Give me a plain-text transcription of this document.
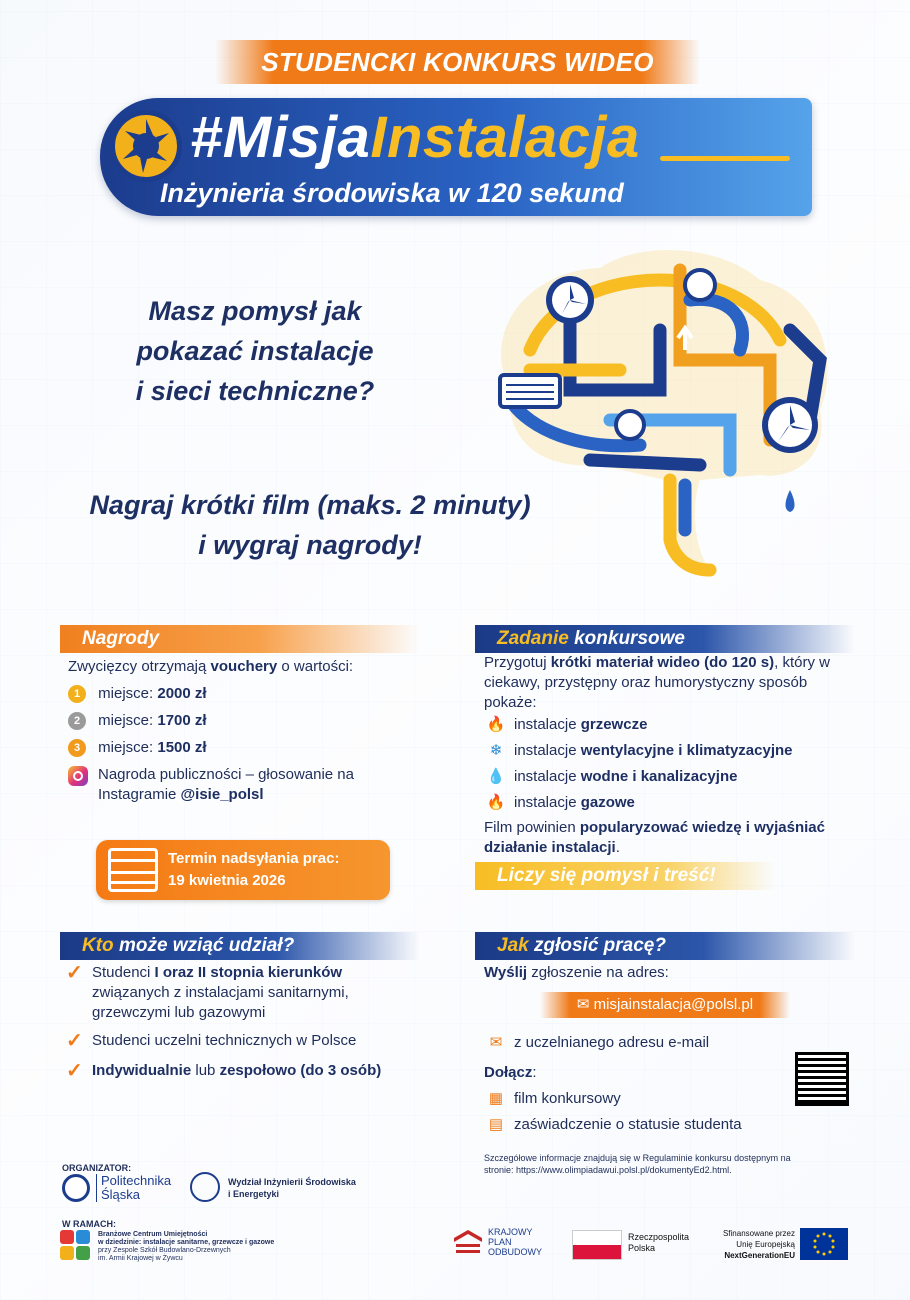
STUDENCKI KONKURS WIDEO
#MisjaInstalacja
Inżynieria środowiska w 120 sekund
Masz pomysł jak
pokazać instalacje
i sieci techniczne?
Nagraj krótki film (maks. 2 minuty)
i wygraj nagrody!
Nagrody
Zwycięzcy otrzymają vouchery o wartości:
1 miejsce: 2000 zł
2 miejsce: 1700 zł
3 miejsce: 1500 zł
Nagroda publiczności – głosowanie na
Instagramie @isie_polsl
Termin nadsyłania prac:
19 kwietnia 2026
Zadanie konkursowe
Przygotuj krótki materiał wideo (do 120 s), który w
ciekawy, przystępny oraz humorystyczny sposób
pokaże:
🔥 instalacje grzewcze
❄ instalacje wentylacyjne i klimatyzacyjne
💧 instalacje wodne i kanalizacyjne
🔥 instalacje gazowe
Film powinien popularyzować wiedzę i wyjaśniać
działanie instalacji.
Liczy się pomysł i treść!
Kto może wziąć udział?
✓ Studenci I oraz II stopnia kierunków
związanych z instalacjami sanitarnymi,
grzewczymi lub gazowymi
✓ Studenci uczelni technicznych w Polsce
✓ Indywidualnie lub zespołowo (do 3 osób)
Jak zgłosić pracę?
Wyślij zgłoszenie na adres:
✉ misjainstalacja@polsl.pl
✉ z uczelnianego adresu e-mail
Dołącz:
▦ film konkursowy
▤ zaświadczenie o statusie studenta
Szczegółowe informacje znajdują się w Regulaminie konkursu dostępnym na
stronie: https://www.olimpiadawui.polsl.pl/dokumentyEd2.html.
ORGANIZATOR:
Politechnika
Śląska
Wydział Inżynierii Środowiska
i Energetyki
W RAMACH:
Branżowe Centrum Umiejętności
w dziedzinie: instalacje sanitarne, grzewcze i gazowe
przy Zespole Szkół Budowlano-Drzewnych
im. Armii Krajowej w Żywcu
KRAJOWY
PLAN
ODBUDOWY
Rzeczpospolita
Polska
Sfinansowane przez
Unię Europejską
NextGenerationEU
